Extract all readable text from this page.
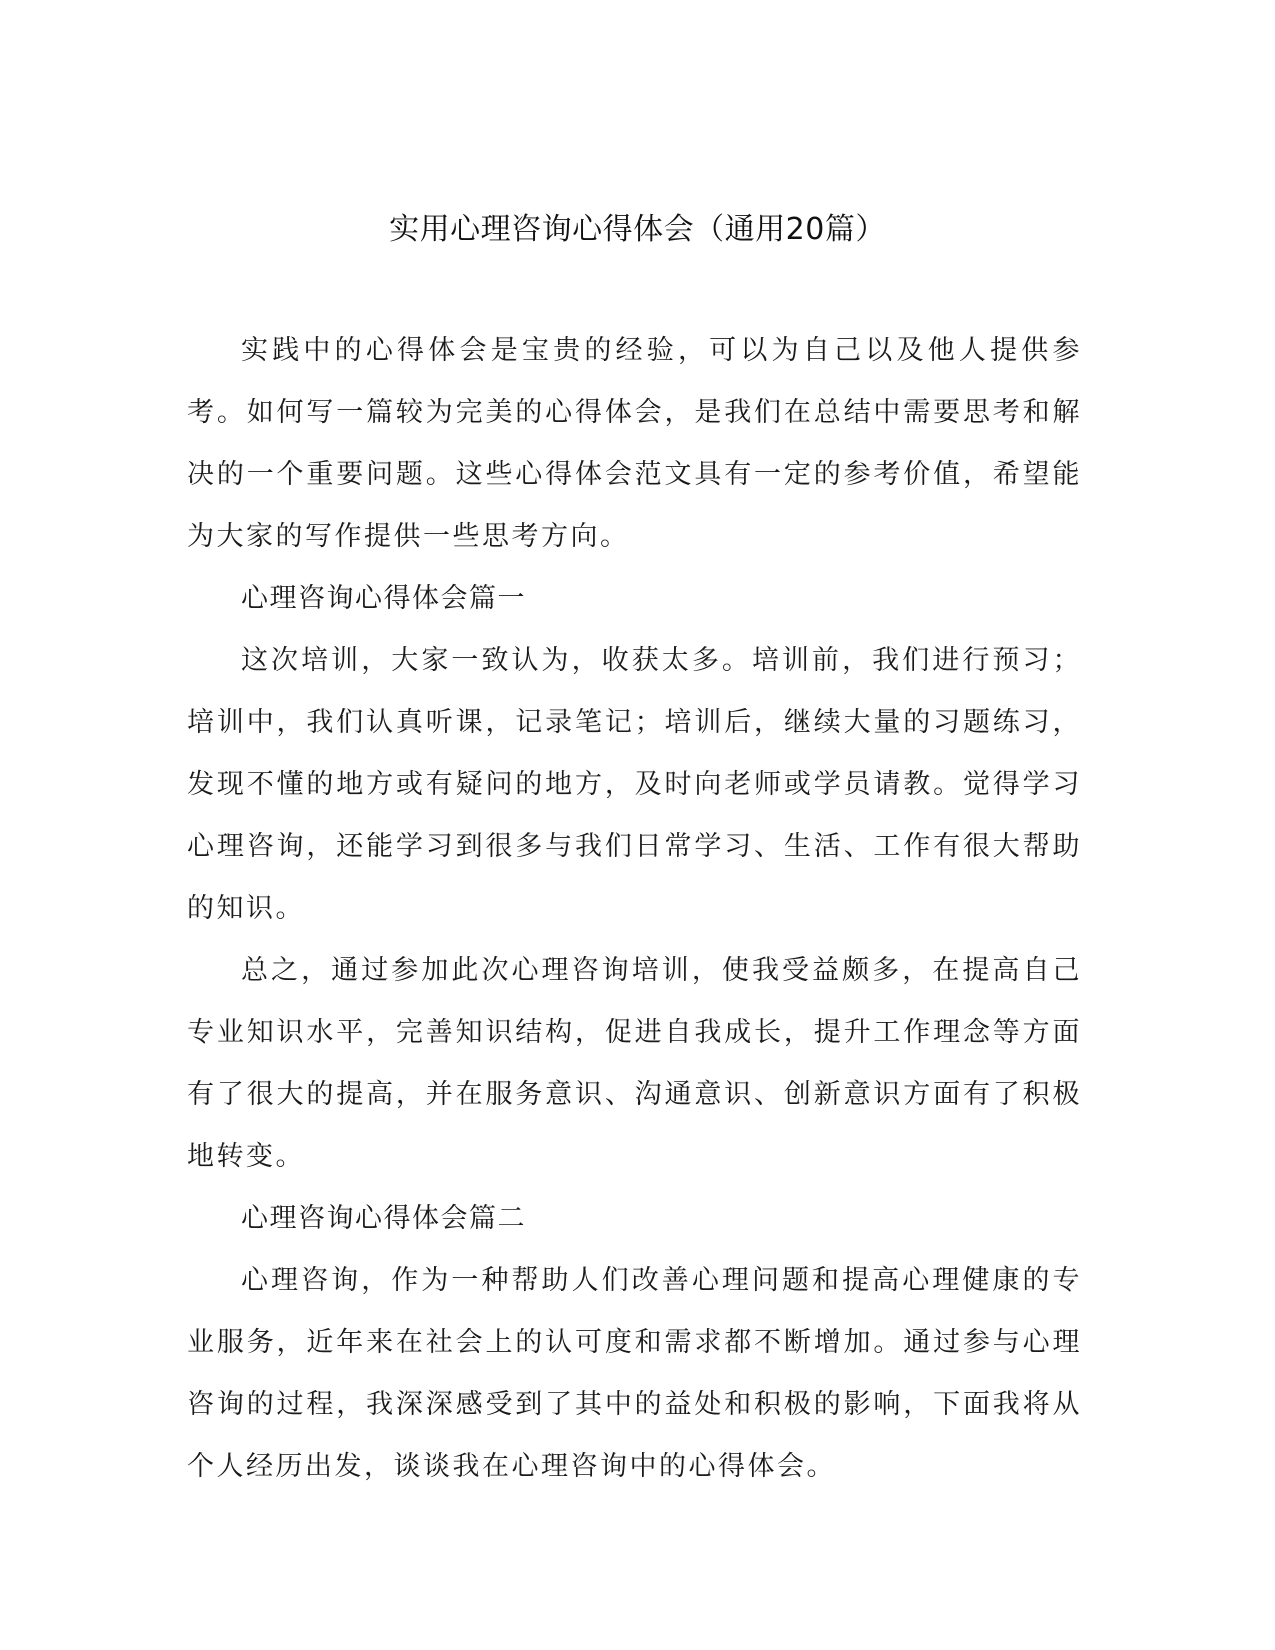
实用心理咨询心得体会（通用20篇）

实践中的心得体会是宝贵的经验，可以为自己以及他人提供参考。如何写一篇较为完美的心得体会，是我们在总结中需要思考和解决的一个重要问题。这些心得体会范文具有一定的参考价值，希望能为大家的写作提供一些思考方向。

心理咨询心得体会篇一

这次培训，大家一致认为，收获太多。培训前，我们进行预习；培训中，我们认真听课，记录笔记；培训后，继续大量的习题练习，发现不懂的地方或有疑问的地方，及时向老师或学员请教。觉得学习心理咨询，还能学习到很多与我们日常学习、生活、工作有很大帮助的知识。

总之，通过参加此次心理咨询培训，使我受益颇多，在提高自己专业知识水平，完善知识结构，促进自我成长，提升工作理念等方面有了很大的提高，并在服务意识、沟通意识、创新意识方面有了积极地转变。

心理咨询心得体会篇二

心理咨询，作为一种帮助人们改善心理问题和提高心理健康的专业服务，近年来在社会上的认可度和需求都不断增加。通过参与心理咨询的过程，我深深感受到了其中的益处和积极的影响，下面我将从个人经历出发，谈谈我在心理咨询中的心得体会。
